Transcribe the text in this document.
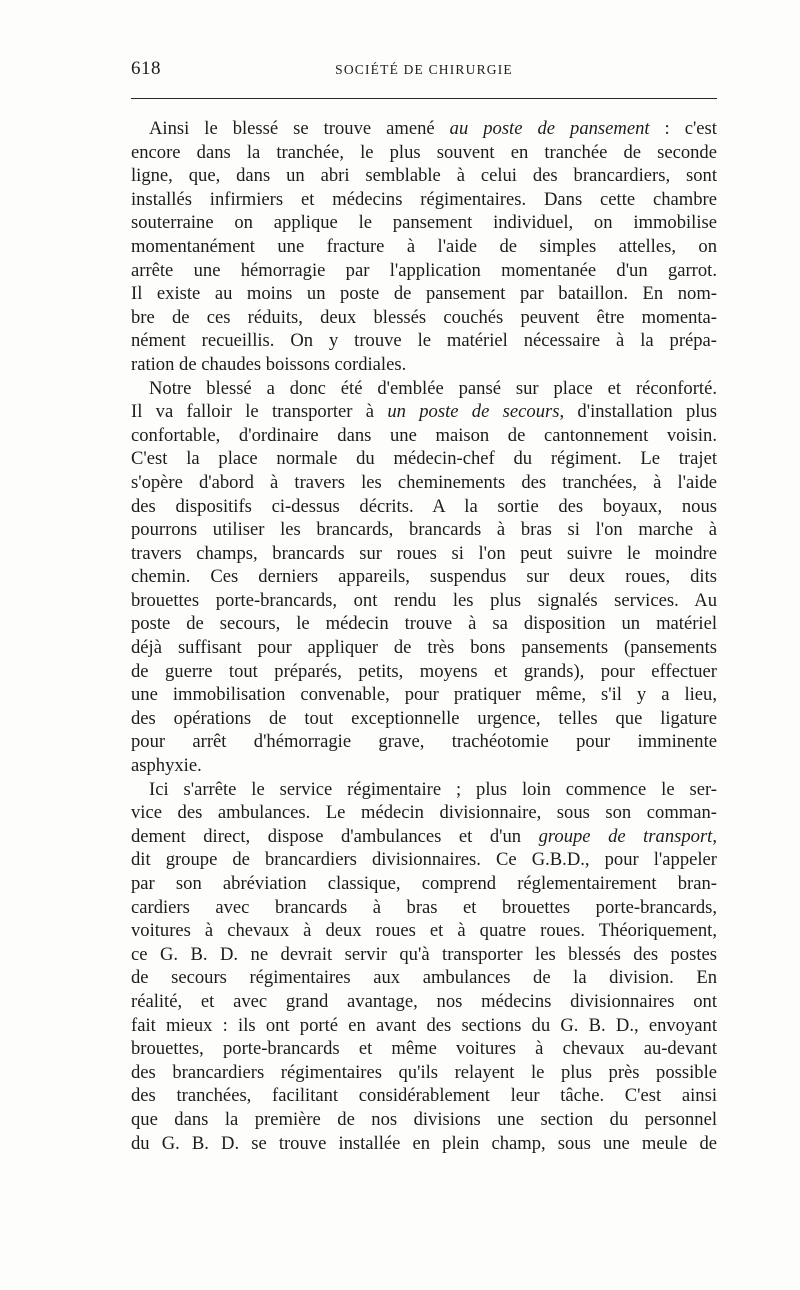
618	SOCIÉTÉ DE CHIRURGIE
Ainsi le blessé se trouve amené au poste de pansement : c'est
encore dans la tranchée, le plus souvent en tranchée de seconde
ligne, que, dans un abri semblable à celui des brancardiers, sont
installés infirmiers et médecins régimentaires. Dans cette chambre
souterraine on applique le pansement individuel, on immobilise
momentanément une fracture à l'aide de simples attelles, on
arrête une hémorragie par l'application momentanée d'un garrot.
Il existe au moins un poste de pansement par bataillon. En nom-
bre de ces réduits, deux blessés couchés peuvent être momenta-
nément recueillis. On y trouve le matériel nécessaire à la prépa-
ration de chaudes boissons cordiales.
Notre blessé a donc été d'emblée pansé sur place et réconforté.
Il va falloir le transporter à un poste de secours, d'installation plus
confortable, d'ordinaire dans une maison de cantonnement voisin.
C'est la place normale du médecin-chef du régiment. Le trajet
s'opère d'abord à travers les cheminements des tranchées, à l'aide
des dispositifs ci-dessus décrits. A la sortie des boyaux, nous
pourrons utiliser les brancards, brancards à bras si l'on marche à
travers champs, brancards sur roues si l'on peut suivre le moindre
chemin. Ces derniers appareils, suspendus sur deux roues, dits
brouettes porte-brancards, ont rendu les plus signalés services. Au
poste de secours, le médecin trouve à sa disposition un matériel
déjà suffisant pour appliquer de très bons pansements (pansements
de guerre tout préparés, petits, moyens et grands), pour effectuer
une immobilisation convenable, pour pratiquer même, s'il y a lieu,
des opérations de tout exceptionnelle urgence, telles que ligature
pour arrêt d'hémorragie grave, trachéotomie pour imminente
asphyxie.
Ici s'arrête le service régimentaire ; plus loin commence le ser-
vice des ambulances. Le médecin divisionnaire, sous son comman-
dement direct, dispose d'ambulances et d'un groupe de transport,
dit groupe de brancardiers divisionnaires. Ce G.B.D., pour l'appeler
par son abréviation classique, comprend réglementairement bran-
cardiers avec brancards à bras et brouettes porte-brancards,
voitures à chevaux à deux roues et à quatre roues. Théoriquement,
ce G. B. D. ne devrait servir qu'à transporter les blessés des postes
de secours régimentaires aux ambulances de la division. En
réalité, et avec grand avantage, nos médecins divisionnaires ont
fait mieux : ils ont porté en avant des sections du G. B. D., envoyant
brouettes, porte-brancards et même voitures à chevaux au-devant
des brancardiers régimentaires qu'ils relayent le plus près possible
des tranchées, facilitant considérablement leur tâche. C'est ainsi
que dans la première de nos divisions une section du personnel
du G. B. D. se trouve installée en plein champ, sous une meule de
